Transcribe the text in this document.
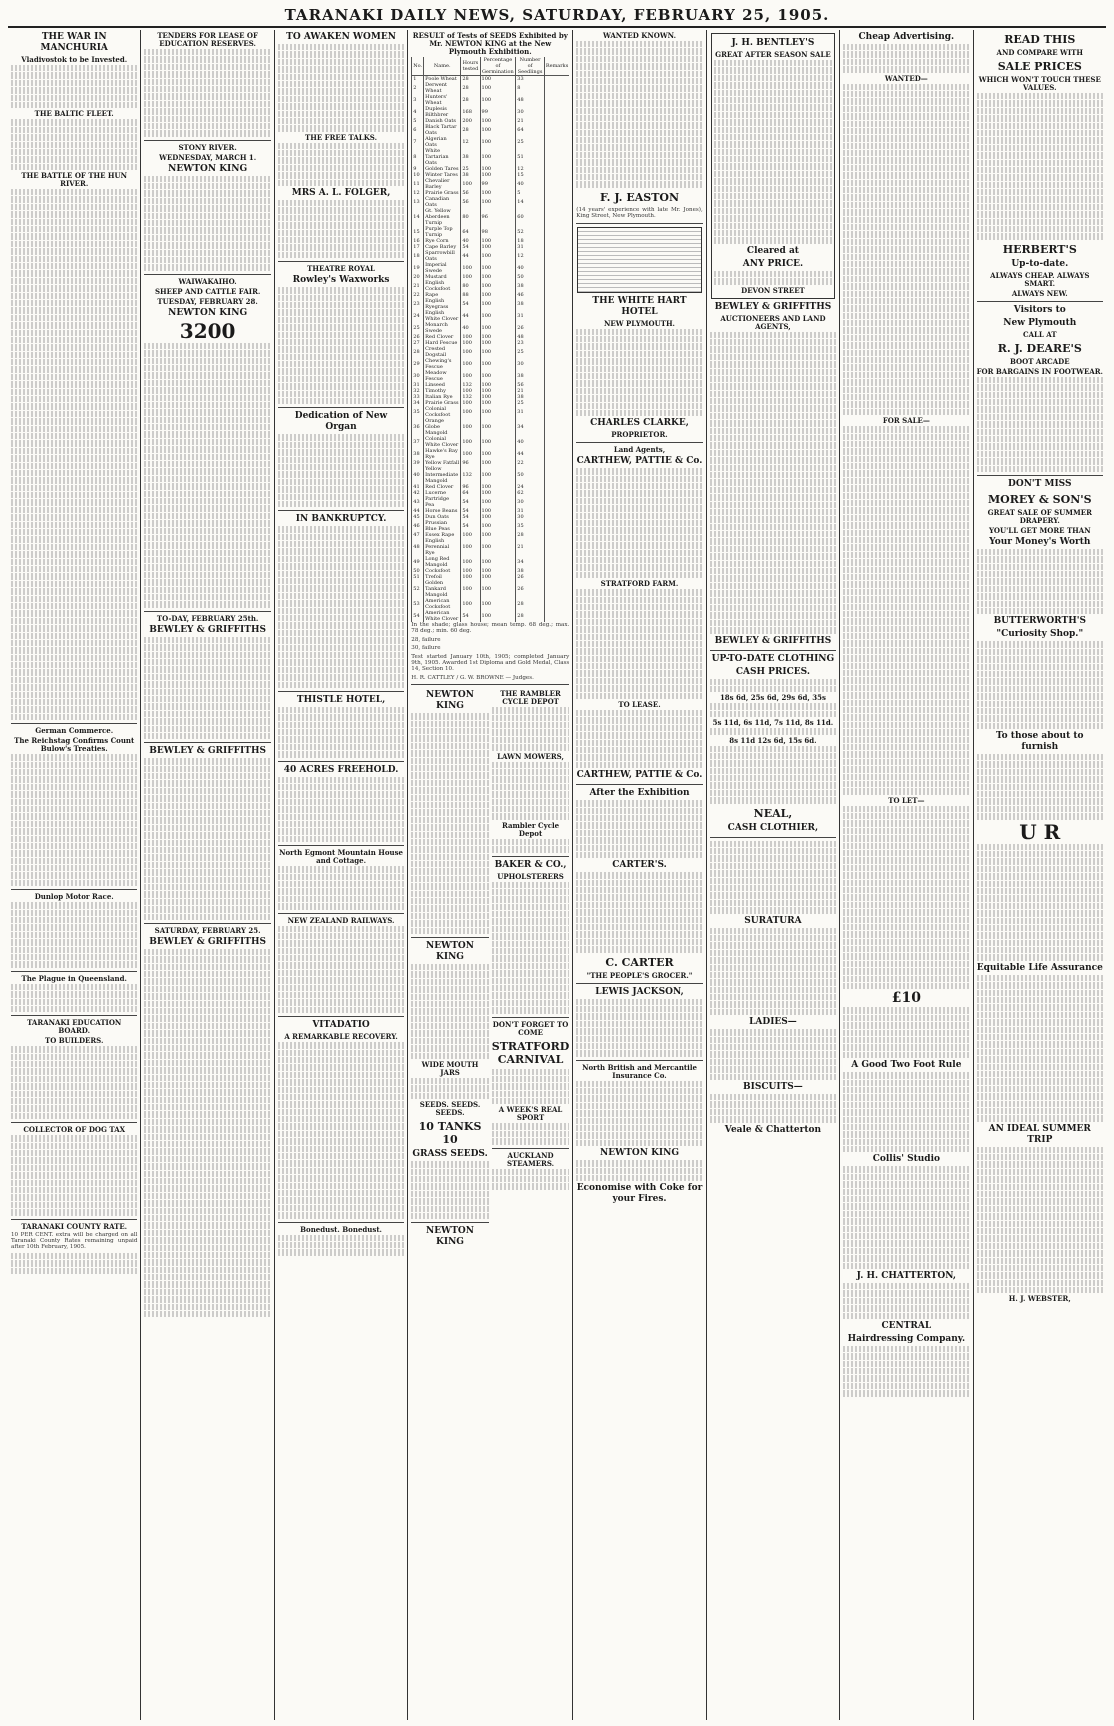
TARANAKI DAILY NEWS, SATURDAY, FEBRUARY 25, 1905.
THE WAR IN MANCHURIA
Vladivostok to be Invested.
THE BALTIC FLEET.
THE BATTLE OF THE HUN RIVER.
German Commerce.
The Reichstag Confirms Count Bulow's Treaties.
Dunlop Motor Race.
The Plague in Queensland.
TARANAKI EDUCATION BOARD.
TO BUILDERS.
COLLECTOR OF DOG TAX
TARANAKI COUNTY RATE.
10 PER CENT. extra will be charged on all Taranaki County Rates remaining unpaid after 10th February, 1905.
TENDERS FOR LEASE OF EDUCATION RESERVES.
STONY RIVER.
WEDNESDAY, MARCH 1.
NEWTON KING
WAIWAKAIHO.
SHEEP AND CATTLE FAIR.
TUESDAY, FEBRUARY 28.
NEWTON KING
3200
TO-DAY, FEBRUARY 25th.
BEWLEY & GRIFFITHS
BEWLEY & GRIFFITHS
SATURDAY, FEBRUARY 25.
BEWLEY & GRIFFITHS
TO AWAKEN WOMEN
THE FREE TALKS.
MRS A. L. FOLGER,
THEATRE ROYAL
Rowley's Waxworks
Dedication of New Organ
IN BANKRUPTCY.
THISTLE HOTEL,
40 ACRES FREEHOLD.
North Egmont Mountain House and Cottage.
NEW ZEALAND RAILWAYS.
VITADATIO
A REMARKABLE RECOVERY.
Bonedust. Bonedust.
RESULT of Tests of SEEDS Exhibited by Mr. NEWTON KING at the New Plymouth Exhibition.
No.	Name.	Hours tested	Percentage of Germination	Number of Seedlings	Remarks
1	Poole Wheat	28	100	33	
2	Derwent Wheat	28	100	8	
3	Hunters' Wheat	28	100	48	
4	Duplesis Bilthbrer	168	99	30	
5	Danish Oats	200	100	21	
6	Black Tartar Oats	28	100	64	
7	Algerian Oats	12	100	25	
8	White Tartarian Oats	38	100	51	
9	Golden Tares	25	100	12	
10	Winter Tares	38	100	15	
11	Chevalier Barley	100	99	40	
12	Prairie Grass	56	100	5	
13	Canadian Oats	56	100	14	
14	Gt. Yellow Aberdeen Turnip	80	96	60	
15	Purple Top Turnip	64	98	52	
16	Rye Corn	40	100	18	
17	Cape Barley	54	100	31	
18	Sparrowbill Oats	44	100	12	
19	Imperial Swede	100	100	40	
20	Mustard	100	100	50	
21	English Cocksfoot	80	100	38	
22	Rape	88	100	46	
23	English Ryegrass	54	100	38	
24	English White Clover	44	100	31	
25	Monarch Swede	40	100	26	
26	Red Clover	100	100	48	
27	Hard Fescue	100	100	23	
28	Crested Dogstail	100	100	25	
29	Chewing's Fescue	100	100	30	
30	Meadow Fescue	100	100	38	
31	Linseed	132	100	56	
32	Timothy	100	100	21	
33	Italian Rye	132	100	38	
34	Prairie Grass	100	100	25	
35	Colonial Cocksfoot	100	100	31	
36	Orange Globe Mangold	100	100	34	
37	Colonial White Clover	100	100	40	
38	Hawke's Bay Rye	100	100	44	
39	Yellow Fatfall	96	100	22	
40	Yellow Intermediate Mangold	132	100	50	
41	Red Clover	96	100	24	
42	Lucerne	64	100	62	
43	Partridge Pea	54	100	30	
44	Horse Beans	54	100	31	
45	Dun Oats	54	100	30	
46	Prussian Blue Peas	54	100	35	
47	Essex Rape	100	100	28	
48	English Perennial Rye	100	100	21	
49	Long Red Mangold	100	100	34	
50	Cocksfoot	100	100	38	
51	Trefoil	100	100	26	
52	Golden Tankard Mangold	100	100	26	
53	American Cocksfoot	100	100	28	
54	American White Clover	54	100	28	
In the shade; glass house; mean temp. 68 deg.; max. 78 deg.; min. 60 deg.
28, failure
30, failure
Test started January 10th, 1905; completed January 9th, 1905. Awarded 1st Diploma and Gold Medal, Class 14, Section 10.
H. R. CATTLEY / G. W. BROWNE — Judges.
NEWTON KING
NEWTON KING
WIDE MOUTH JARS
SEEDS. SEEDS. SEEDS.
10 TANKS 10
GRASS SEEDS.
NEWTON KING
THE RAMBLER CYCLE DEPOT
LAWN MOWERS,
Rambler Cycle Depot
BAKER & CO.,
UPHOLSTERERS
DON'T FORGET TO COME
STRATFORD CARNIVAL
A WEEK'S REAL SPORT
AUCKLAND STEAMERS.
WANTED KNOWN.
F. J. EASTON
(14 years' experience with late Mr. Jones), King Street, New Plymouth.
THE WHITE HART HOTEL
NEW PLYMOUTH.
CHARLES CLARKE,
PROPRIETOR.
Land Agents,
CARTHEW, PATTIE & Co.
STRATFORD FARM.
TO LEASE.
CARTHEW, PATTIE & Co.
After the Exhibition
CARTER'S.
C. CARTER
"THE PEOPLE'S GROCER."
LEWIS JACKSON,
North British and Mercantile Insurance Co.
NEWTON KING
Economise with Coke for your Fires.
J. H. BENTLEY'S
GREAT AFTER SEASON SALE
Cleared at
ANY PRICE.
DEVON STREET
BEWLEY & GRIFFITHS
AUCTIONEERS AND LAND AGENTS,
BEWLEY & GRIFFITHS
UP-TO-DATE CLOTHING
CASH PRICES.
18s 6d, 25s 6d, 29s 6d, 35s
5s 11d, 6s 11d, 7s 11d, 8s 11d.
8s 11d 12s 6d, 15s 6d.
NEAL,
CASH CLOTHIER,
SURATURA
LADIES—
BISCUITS—
Veale & Chatterton
Cheap Advertising.
WANTED—
FOR SALE—
TO LET—
£10
A Good Two Foot Rule
Collis' Studio
J. H. CHATTERTON,
CENTRAL
Hairdressing Company.
READ THIS
AND COMPARE WITH
SALE PRICES
WHICH WON'T TOUCH THESE VALUES.
HERBERT'S
Up-to-date.
ALWAYS CHEAP. ALWAYS SMART.
ALWAYS NEW.
Visitors to
New Plymouth
CALL AT
R. J. DEARE'S
BOOT ARCADE
FOR BARGAINS IN FOOTWEAR.
DON'T MISS
MOREY & SON'S
GREAT SALE OF SUMMER DRAPERY.
YOU'LL GET MORE THAN
Your Money's Worth
BUTTERWORTH'S
"Curiosity Shop."
To those about to furnish
U R
Equitable Life Assurance
AN IDEAL SUMMER TRIP
H. J. WEBSTER,
